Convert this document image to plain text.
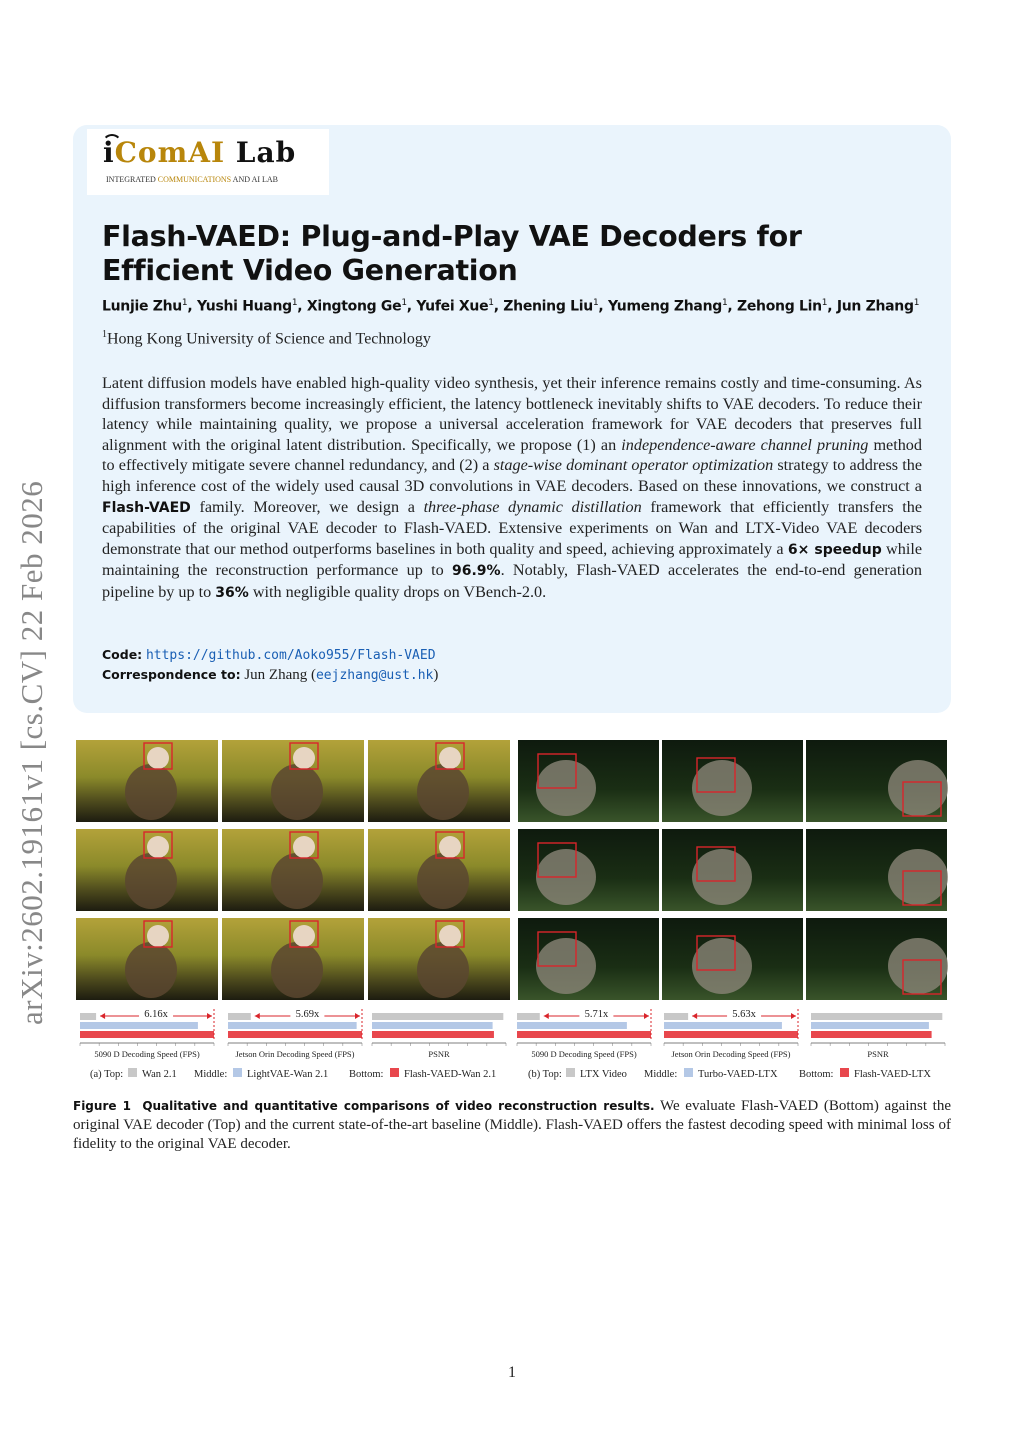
arXiv:2602.19161v1 [cs.CV] 22 Feb 2026
iComAI Lab
INTEGRATED COMMUNICATIONS AND AI LAB
Flash-VAED: Plug-and-Play VAE Decoders for Efficient Video Generation
Lunjie Zhu$^1$, Yushi Huang$^1$, Xingtong Ge$^1$, Yufei Xue$^1$, Zhening Liu$^1$, Yumeng Zhang$^1$, Zehong Lin$^1$, Jun Zhang$^1$
$^1$Hong Kong University of Science and Technology
Latent diffusion models have enabled high-quality video synthesis, yet their inference remains costly and time-consuming. As diffusion transformers become increasingly efficient, the latency bottleneck inevitably shifts to VAE decoders. To reduce their latency while maintaining quality, we propose a universal acceleration framework for VAE decoders that preserves full alignment with the original latent distribution. Specifically, we propose (1) an independence-aware channel pruning method to effectively mitigate severe channel redundancy, and (2) a stage-wise dominant operator optimization strategy to address the high inference cost of the widely used causal 3D convolutions in VAE decoders. Based on these innovations, we construct a Flash-VAED family. Moreover, we design a three-phase dynamic distillation framework that efficiently transfers the capabilities of the original VAE decoder to Flash-VAED. Extensive experiments on Wan and LTX-Video VAE decoders demonstrate that our method outperforms baselines in both quality and speed, achieving approximately a 6× speedup while maintaining the reconstruction performance up to 96.9%. Notably, Flash-VAED accelerates the end-to-end generation pipeline by up to 36% with negligible quality drops on VBench-2.0.
Code: https://github.com/Aoko955/Flash-VAED
Correspondence to: Jun Zhang (eejzhang@ust.hk)
6.16x
5090 D Decoding Speed (FPS)
5.69x
Jetson Orin Decoding Speed (FPS)	PSNR
5.71x
5090 D Decoding Speed (FPS)
5.63x
Jetson Orin Decoding Speed (FPS)	PSNR
(a) Top: Wan 2.1 Middle: LightVAE-Wan 2.1 Bottom: Flash-VAED-Wan 2.1	(b) Top: LTX Video Middle: Turbo-VAED-LTX Bottom: Flash-VAED-LTX
Figure 1 Qualitative and quantitative comparisons of video reconstruction results. We evaluate Flash-VAED (Bottom) against the original VAE decoder (Top) and the current state-of-the-art baseline (Middle). Flash-VAED offers the fastest decoding speed with minimal loss of fidelity to the original VAE decoder.
1
